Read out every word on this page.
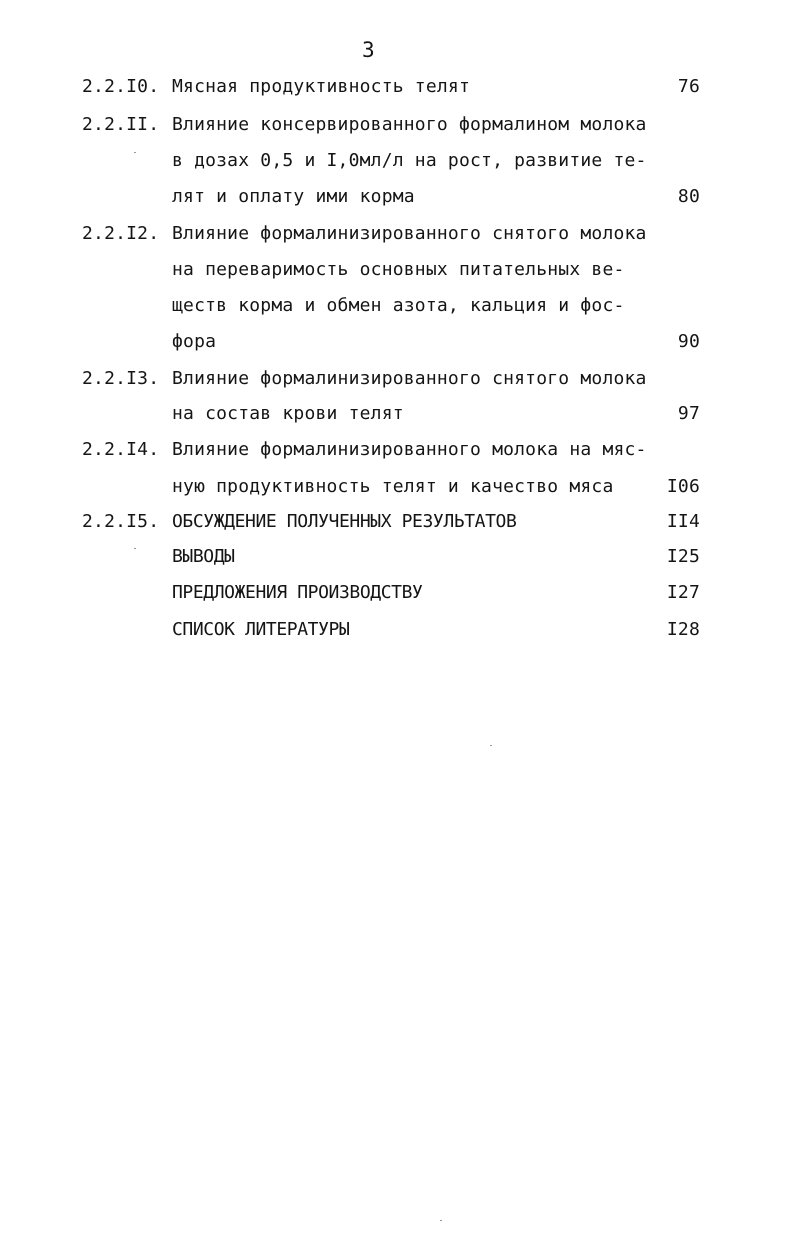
3
2.2.I0. Мясная продуктивность телят	76
2.2.II. Влияние консервированного формалином молока
в дозах 0,5 и I,0мл/л на рост, развитие те-
лят и оплату ими корма	80
2.2.I2. Влияние формалинизированного снятого молока
на переваримость основных питательных ве-
ществ корма и обмен азота, кальция и фос-
фора	90
2.2.I3. Влияние формалинизированного снятого молока
на состав крови телят	97
2.2.I4. Влияние формалинизированного молока на мяс-
ную продуктивность телят и качество мяса	I06
2.2.I5. ОБСУЖДЕНИЕ ПОЛУЧЕННЫХ РЕЗУЛЬТАТОВ	II4
ВЫВОДЫ	I25
ПРЕДЛОЖЕНИЯ ПРОИЗВОДСТВУ	I27
СПИСОК ЛИТЕРАТУРЫ	I28
